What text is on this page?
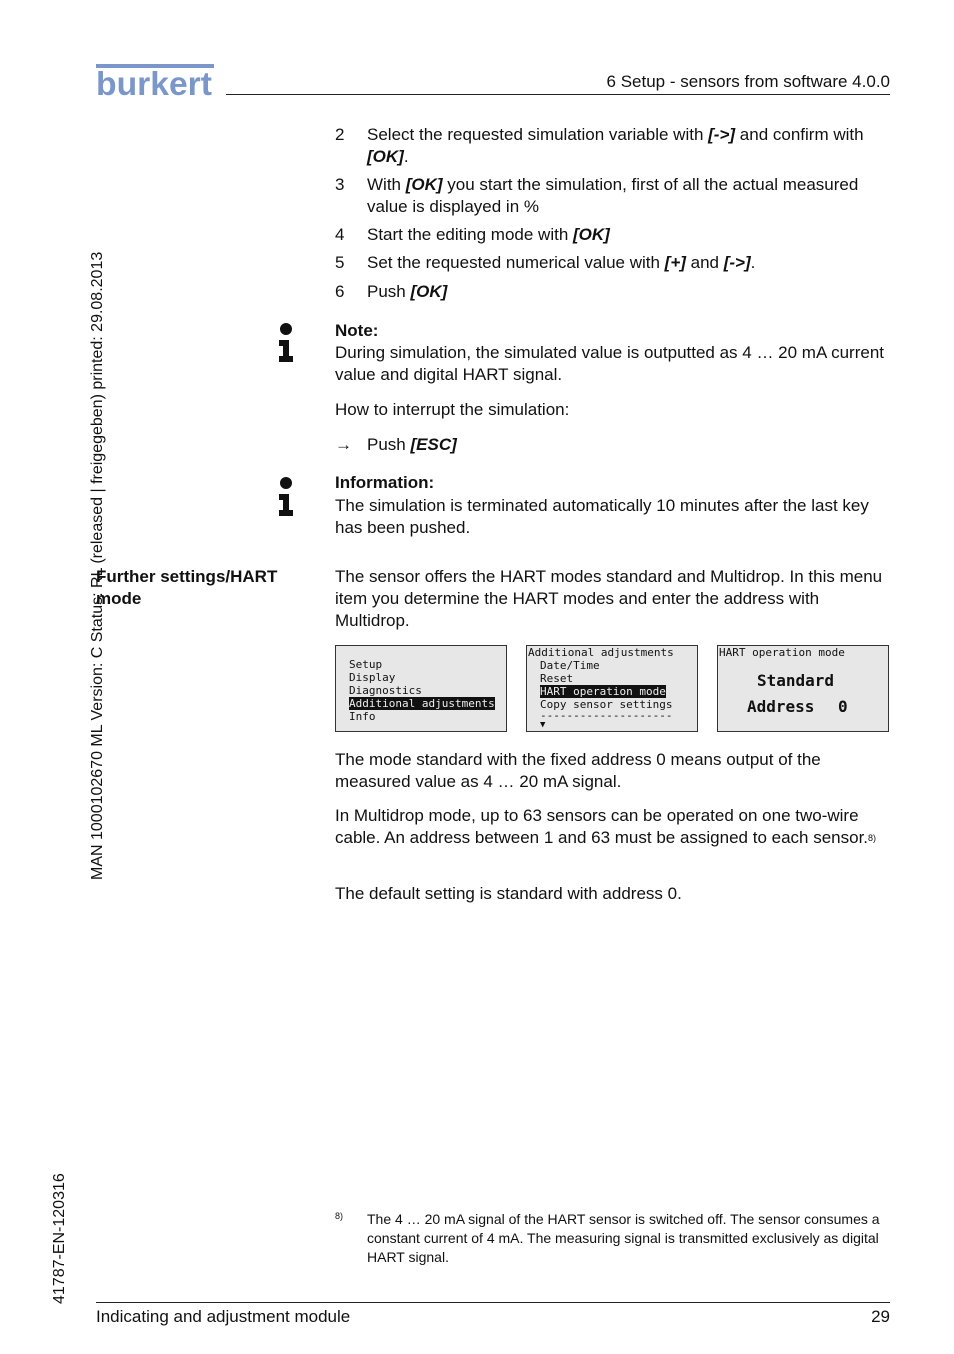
burkert	6 Setup - sensors from software 4.0.0
MAN 1000102670 ML Version: C Status: RL (released | freigegeben) printed: 29.08.2013
41787-EN-120316
2	Select the requested simulation variable with [->] and confirm with [OK].
3	With [OK] you start the simulation, first of all the actual measured value is displayed in %
4	Start the editing mode with [OK]
5	Set the requested numerical value with [+] and [->].
6	Push [OK]
Note:
During simulation, the simulated value is outputted as 4 … 20 mA current value and digital HART signal.
How to interrupt the simulation:
→ Push [ESC]
Information:
The simulation is terminated automatically 10 minutes after the last key has been pushed.
Further settings/HART mode
The sensor offers the HART modes standard and Multidrop. In this menu item you determine the HART modes and enter the address with Multidrop.
Setup
Display
Diagnostics
Additional adjustments
Info
Additional adjustments
Date/Time
Reset
HART operation mode
Copy sensor settings
--------------------
▼
HART operation mode
Standard
Address 0
The mode standard with the fixed address 0 means output of the measured value as 4 … 20 mA signal.
In Multidrop mode, up to 63 sensors can be operated on one two-wire cable. An address between 1 and 63 must be assigned to each sensor.$^{8)}$
The default setting is standard with address 0.
8) The 4 … 20 mA signal of the HART sensor is switched off. The sensor consumes a constant current of 4 mA. The measuring signal is transmitted exclusively as digital HART signal.
Indicating and adjustment module	29
